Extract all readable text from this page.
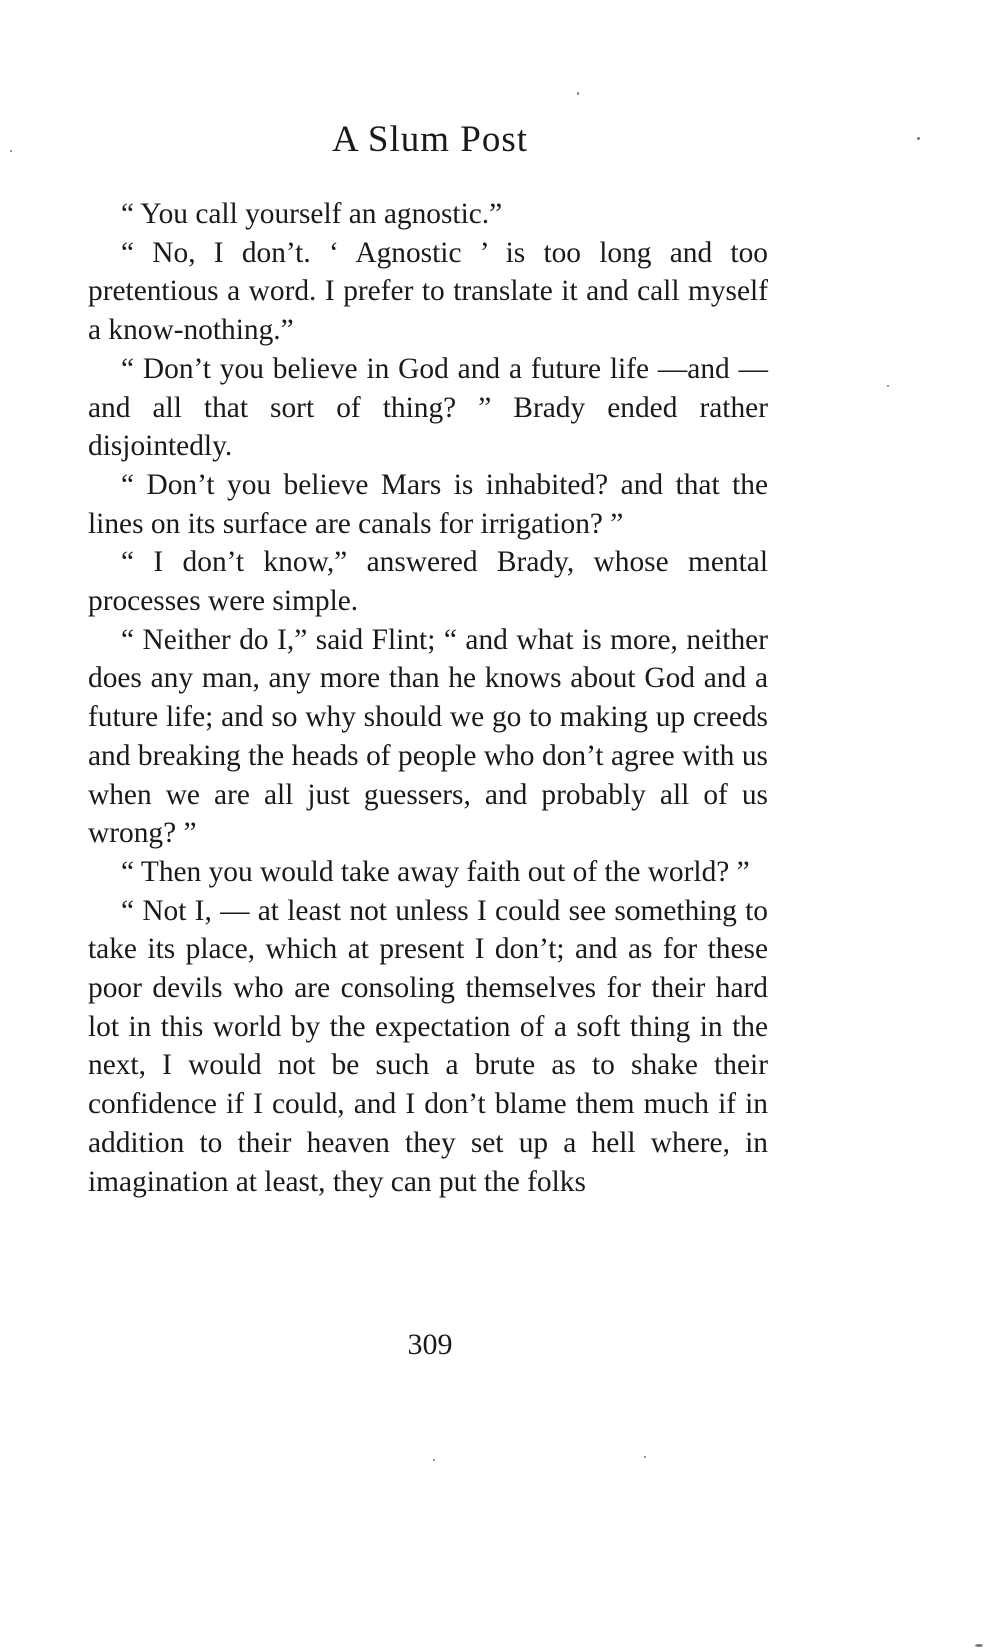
A Slum Post

“ You call yourself an agnostic.”

“ No, I don’t. ‘ Agnostic ’ is too long and too pretentious a word. I prefer to translate it and call myself a know-nothing.”

“ Don’t you believe in God and a future life —and — and all that sort of thing? ” Brady ended rather disjointedly.

“ Don’t you believe Mars is inhabited? and that the lines on its surface are canals for irrigation? ”

“ I don’t know,” answered Brady, whose mental processes were simple.

“ Neither do I,” said Flint; “ and what is more, neither does any man, any more than he knows about God and a future life; and so why should we go to making up creeds and breaking the heads of people who don’t agree with us when we are all just guessers, and probably all of us wrong? ”

“ Then you would take away faith out of the world? ”

“ Not I, — at least not unless I could see something to take its place, which at present I don’t; and as for these poor devils who are consoling themselves for their hard lot in this world by the expectation of a soft thing in the next, I would not be such a brute as to shake their confidence if I could, and I don’t blame them much if in addition to their heaven they set up a hell where, in imagination at least, they can put the folks

309
